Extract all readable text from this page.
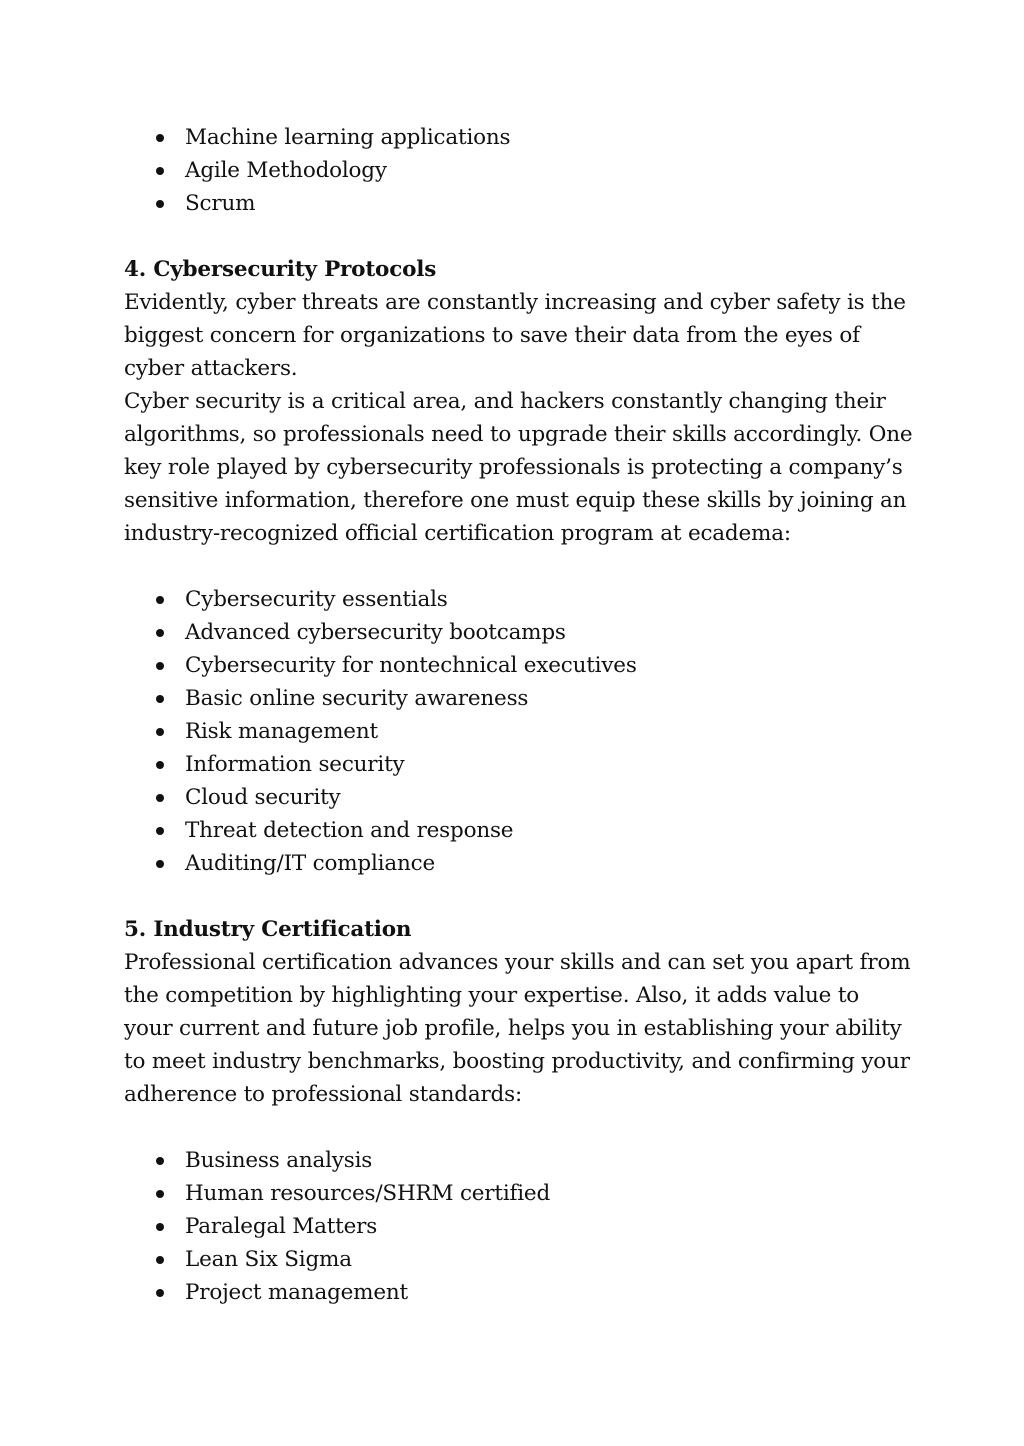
Machine learning applications
Agile Methodology
Scrum
4. Cybersecurity Protocols

Evidently, cyber threats are constantly increasing and cyber safety is the biggest concern for organizations to save their data from the eyes of cyber attackers.

Cyber security is a critical area, and hackers constantly changing their algorithms, so professionals need to upgrade their skills accordingly. One key role played by cybersecurity professionals is protecting a company’s sensitive information, therefore one must equip these skills by joining an industry-recognized official certification program at ecadema:

Cybersecurity essentials
Advanced cybersecurity bootcamps
Cybersecurity for nontechnical executives
Basic online security awareness
Risk management
Information security
Cloud security
Threat detection and response
Auditing/IT compliance
5. Industry Certification

Professional certification advances your skills and can set you apart from the competition by highlighting your expertise. Also, it adds value to your current and future job profile, helps you in establishing your ability to meet industry benchmarks, boosting productivity, and confirming your adherence to professional standards:

Business analysis
Human resources/SHRM certified
Paralegal Matters
Lean Six Sigma
Project management
